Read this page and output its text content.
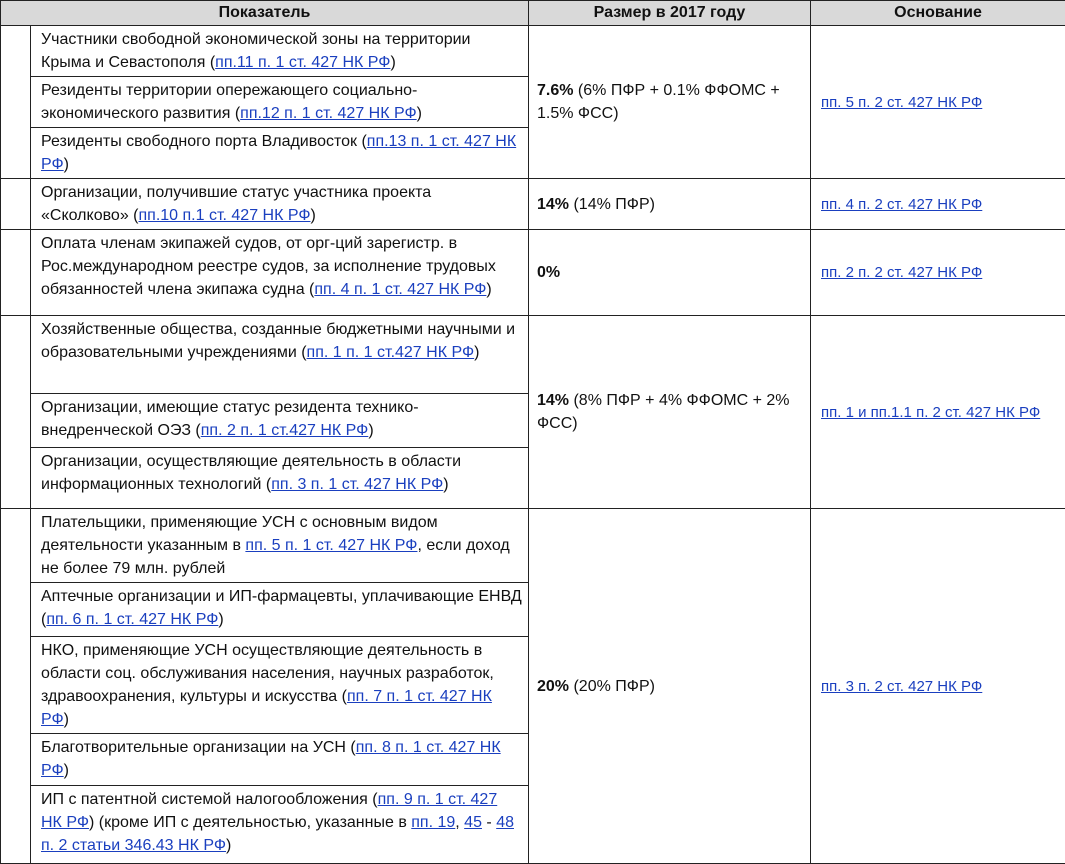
Показатель		Размер в 2017 году	Основание
	Участники свободной экономической зоны на территории Крыма и Севастополя (пп.11 п. 1 ст. 427 НК РФ)	7.6% (6% ПФР + 0.1% ФФОМС + 1.5% ФСС)	пп. 5 п. 2 ст. 427 НК РФ
	Резиденты территории опережающего социально-экономического развития (пп.12 п. 1 ст. 427 НК РФ)		
	Резиденты свободного порта Владивосток (пп.13 п. 1 ст. 427 НК РФ)		
	Организации, получившие статус участника проекта «Сколково» (пп.10 п.1 ст. 427 НК РФ)	14% (14% ПФР)	пп. 4 п. 2 ст. 427 НК РФ
	Оплата членам экипажей судов, от орг-ций зарегистр. в Рос.международном реестре судов, за исполнение трудовых обязанностей члена экипажа судна (пп. 4 п. 1 ст. 427 НК РФ)	0%	пп. 2 п. 2 ст. 427 НК РФ
	Хозяйственные общества, созданные бюджетными научными и образовательными учреждениями (пп. 1 п. 1 ст.427 НК РФ)	14% (8% ПФР + 4% ФФОМС + 2% ФСС)	пп. 1 и пп.1.1 п. 2 ст. 427 НК РФ
	Организации, имеющие статус резидента технико-внедренческой ОЭЗ (пп. 2 п. 1 ст.427 НК РФ)		
	Организации, осуществляющие деятельность в области информационных технологий (пп. 3 п. 1 ст. 427 НК РФ)		
	Плательщики, применяющие УСН с основным видом деятельности указанным в пп. 5 п. 1 ст. 427 НК РФ, если доход не более 79 млн. рублей	20% (20% ПФР)	пп. 3 п. 2 ст. 427 НК РФ
	Аптечные организации и ИП-фармацевты, уплачивающие ЕНВД (пп. 6 п. 1 ст. 427 НК РФ)		
	НКО, применяющие УСН осуществляющие деятельность в области соц. обслуживания населения, научных разработок, здравоохранения, культуры и искусства (пп. 7 п. 1 ст. 427 НК РФ)		
	Благотворительные организации на УСН (пп. 8 п. 1 ст. 427 НК РФ)		
	ИП с патентной системой налогообложения (пп. 9 п. 1 ст. 427 НК РФ) (кроме ИП с деятельностью, указанные в пп. 19, 45 - 48 п. 2 статьи 346.43 НК РФ)		
